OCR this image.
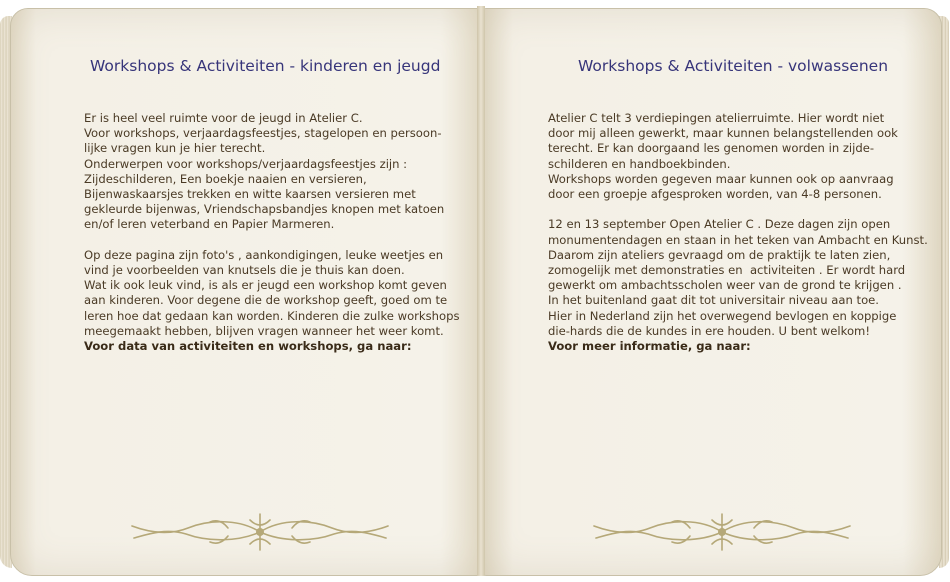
Workshops & Activiteiten - kinderen en jeugd
Er is heel veel ruimte voor de jeugd in Atelier C.
Voor workshops, verjaardagsfeestjes, stagelopen en persoon-
lijke vragen kun je hier terecht.
Onderwerpen voor workshops/verjaardagsfeestjes zijn :
Zijdeschilderen, Een boekje naaien en versieren,
Bijenwaskaarsjes trekken en witte kaarsen versieren met
gekleurde bijenwas, Vriendschapsbandjes knopen met katoen
en/of leren veterband en Papier Marmeren.

Op deze pagina zijn foto's , aankondigingen, leuke weetjes en
vind je voorbeelden van knutsels die je thuis kan doen.
Wat ik ook leuk vind, is als er jeugd een workshop komt geven
aan kinderen. Voor degene die de workshop geeft, goed om te
leren hoe dat gedaan kan worden. Kinderen die zulke workshops
meegemaakt hebben, blijven vragen wanneer het weer komt.
Voor data van activiteiten en workshops, ga naar:
Workshops & Activiteiten - volwassenen
Atelier C telt 3 verdiepingen atelierruimte. Hier wordt niet
door mij alleen gewerkt, maar kunnen belangstellenden ook
terecht. Er kan doorgaand les genomen worden in zijde-
schilderen en handboekbinden.
Workshops worden gegeven maar kunnen ook op aanvraag
door een groepje afgesproken worden, van 4-8 personen.

12 en 13 september Open Atelier C . Deze dagen zijn open
monumentendagen en staan in het teken van Ambacht en Kunst.
Daarom zijn ateliers gevraagd om de praktijk te laten zien,
zomogelijk met demonstraties en  activiteiten . Er wordt hard
gewerkt om ambachtsscholen weer van de grond te krijgen .
In het buitenland gaat dit tot universitair niveau aan toe.
Hier in Nederland zijn het overwegend bevlogen en koppige
die-hards die de kundes in ere houden. U bent welkom!
Voor meer informatie, ga naar:
